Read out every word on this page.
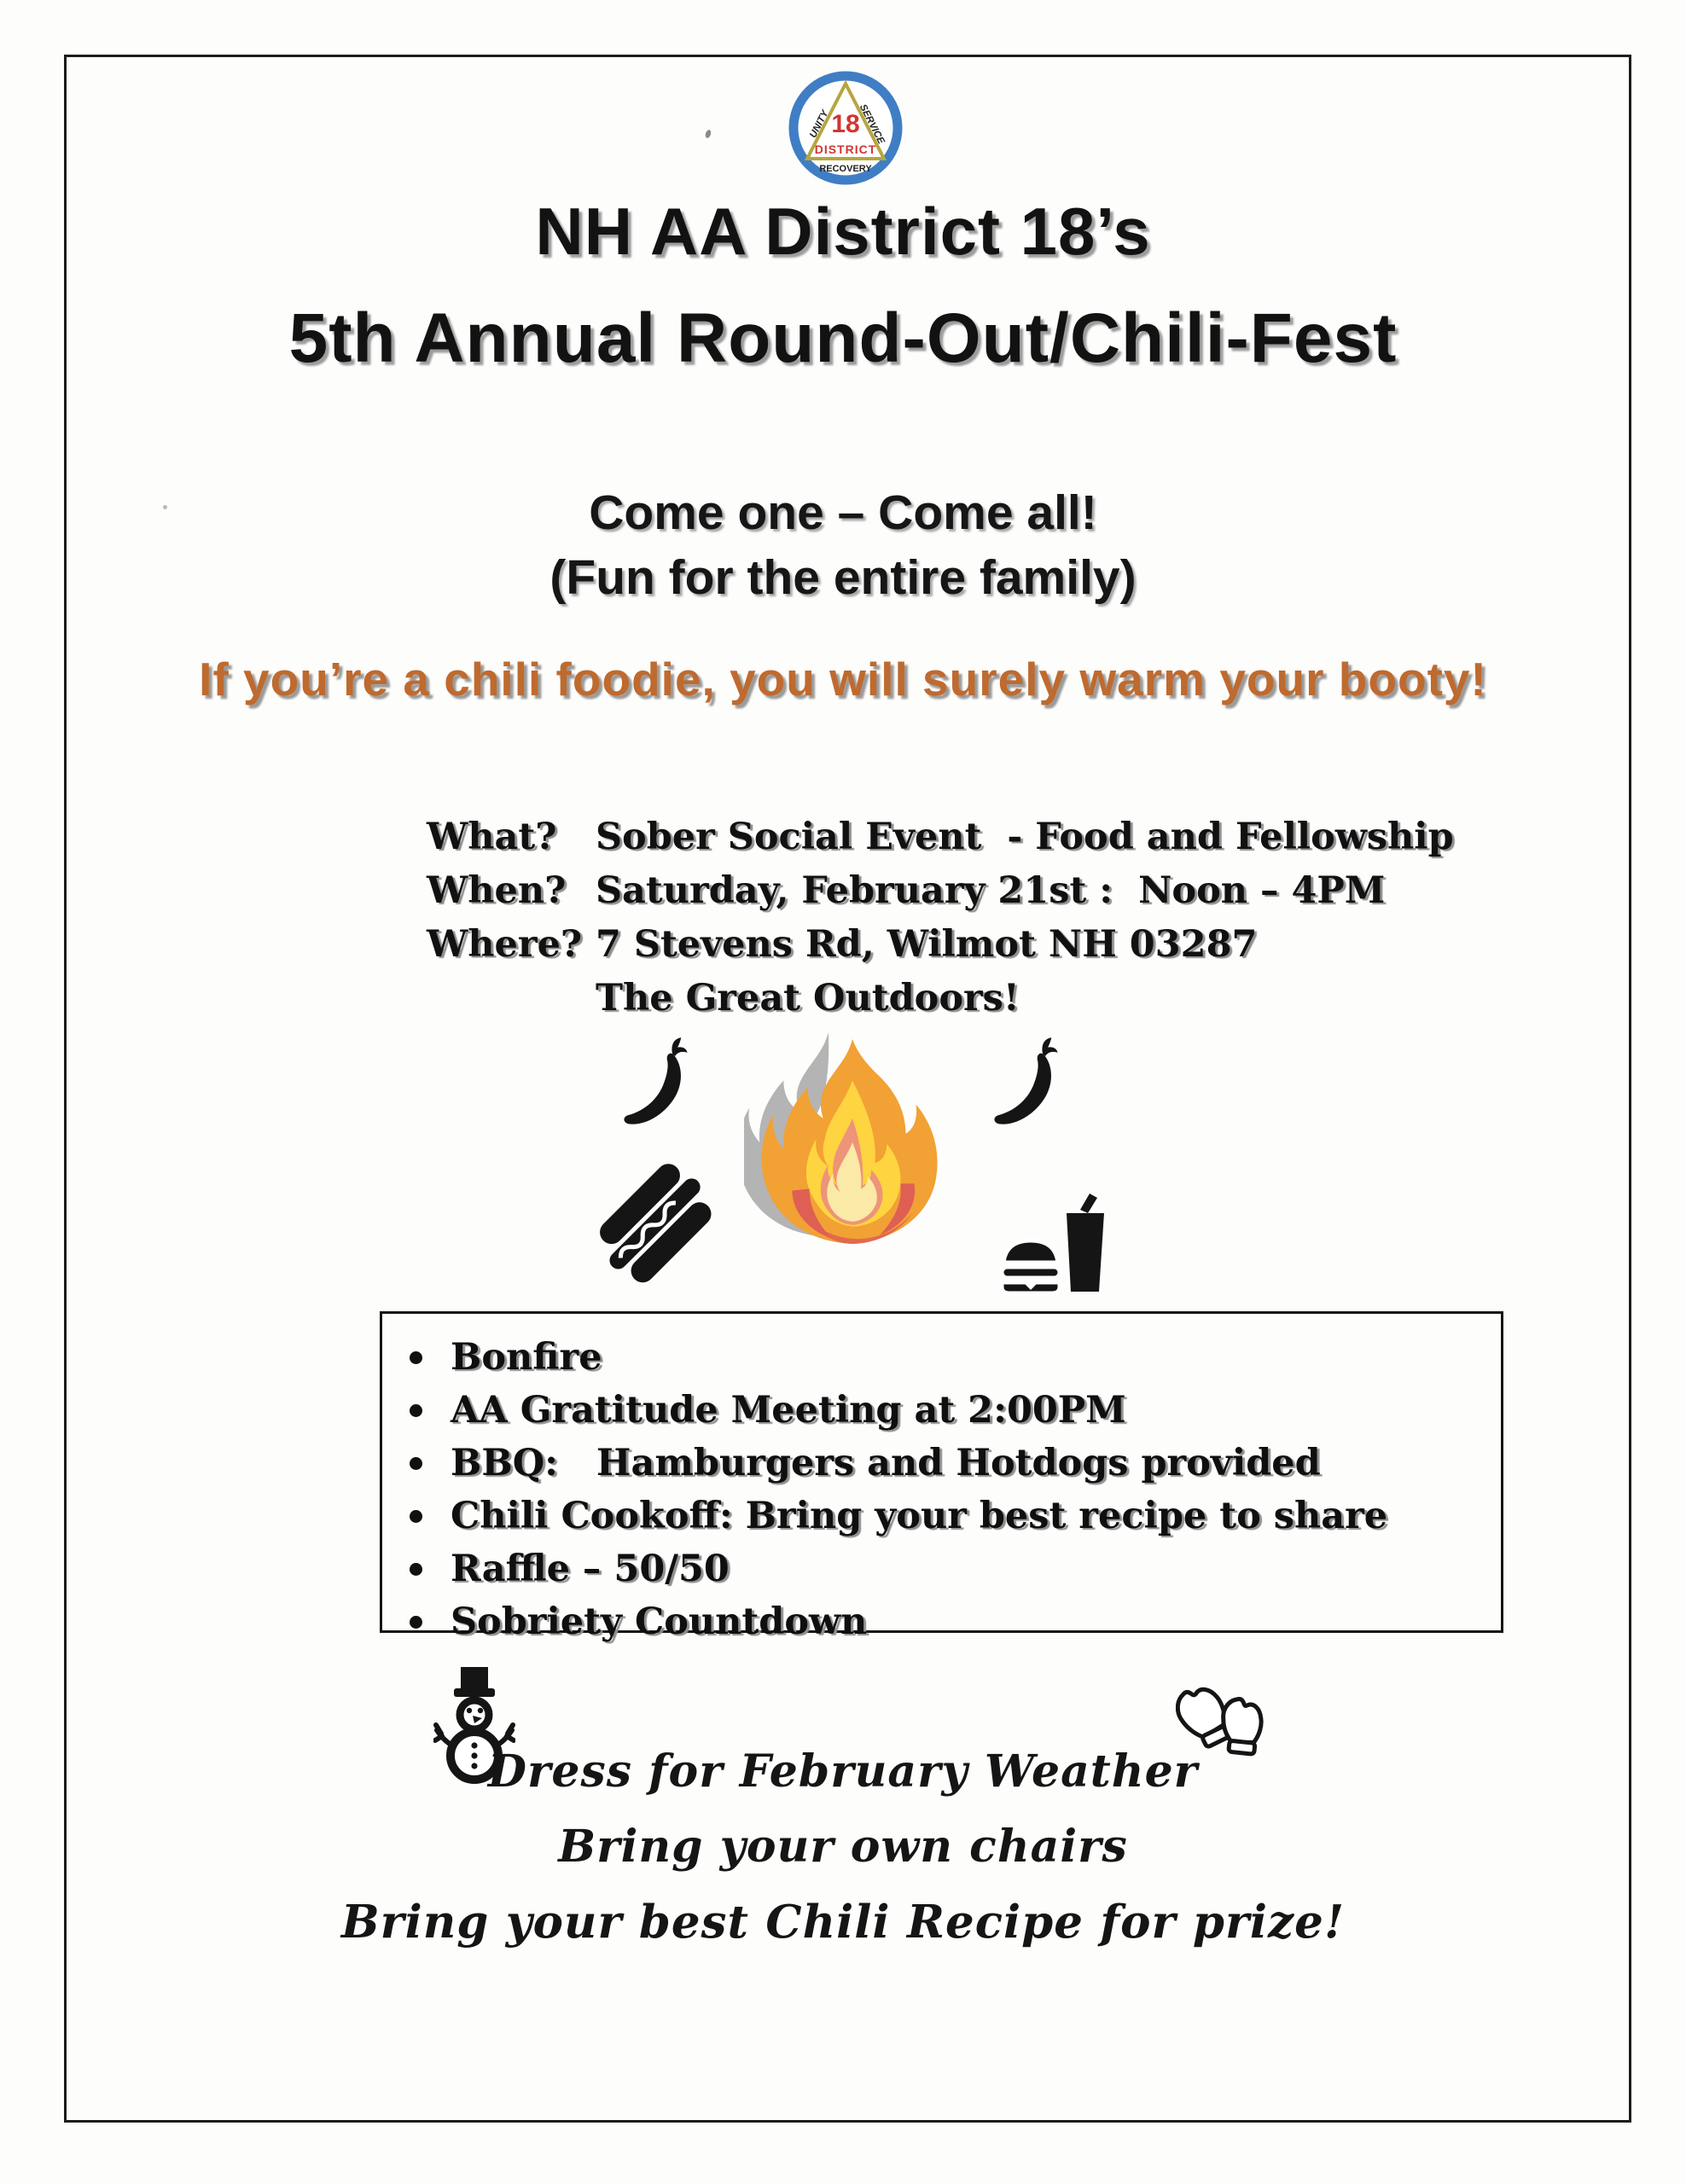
18
DISTRICT
UNITY	SERVICE
RECOVERY
NH AA District 18’s
5th Annual Round-Out/Chili-Fest
Come one – Come all!
(Fun for the entire family)
If you’re a chili foodie, you will surely warm your booty!
What?	Sober Social Event  - Food and Fellowship
When? Saturday, February 21st :  Noon – 4PM
Where? 7 Stevens Rd, Wilmot NH 03287
The Great Outdoors!
Bonfire
AA Gratitude Meeting at 2:00PM
BBQ:   Hamburgers and Hotdogs provided
Chili Cookoff: Bring your best recipe to share
Raffle – 50/50
Sobriety Countdown
Dress for February Weather
Bring your own chairs
Bring your best Chili Recipe for prize!
